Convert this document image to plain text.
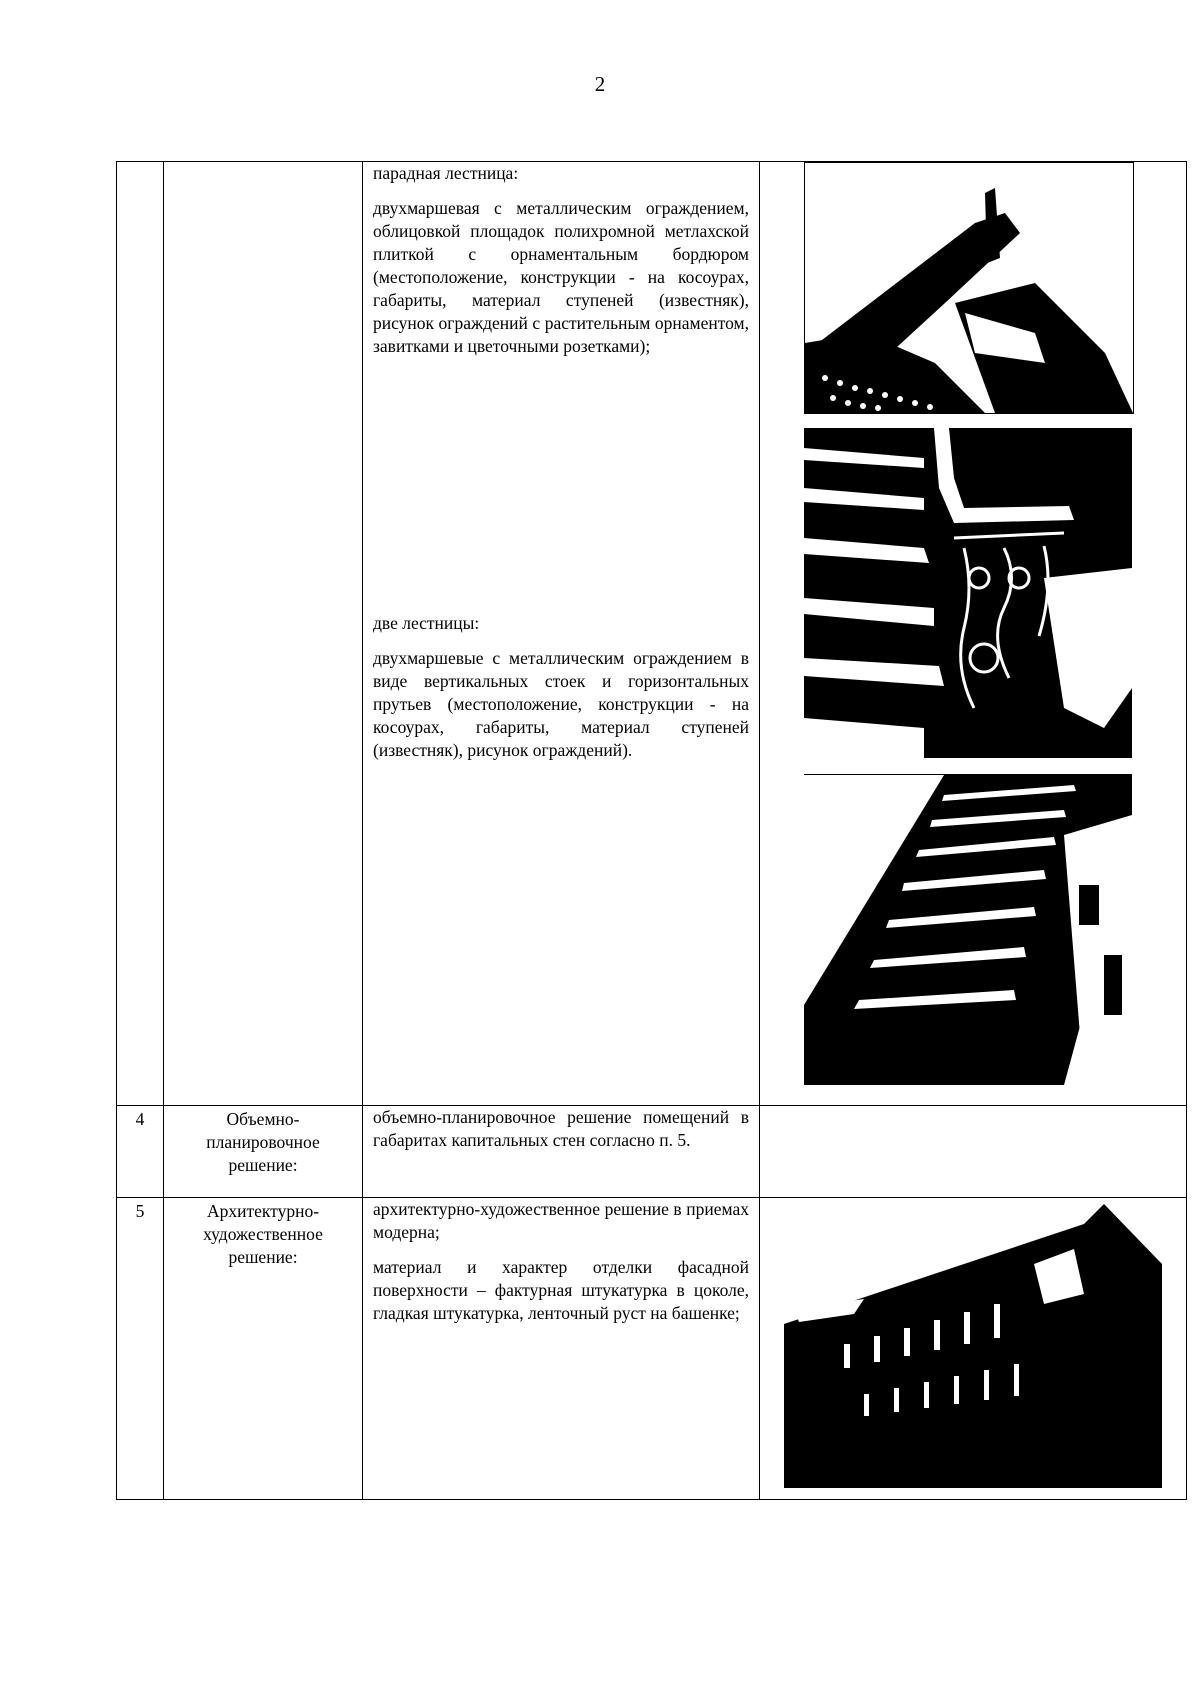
2

		парадная лестница:

двухмаршевая с металлическим ограждением, облицовкой площадок полихромной метлахской плиткой с орнаментальным бордюром (местоположение, конструкции - на косоурах, габариты, материал ступеней (известняк), рисунок ограждений с растительным орнаментом, завитками и цветочными розетками);

две лестницы:

двухмаршевые с металлическим ограждением в виде вертикальных стоек и горизонтальных прутьев (местоположение, конструкции - на косоурах, габариты, материал ступеней (известняк), рисунок ограждений).

4	Объемно-планировочное решение:	объемно-планировочное решение помещений в габаритах капитальных стен согласно п. 5.	

5	Архитектурно-художественное решение:	архитектурно-художественное решение в приемах модерна;

материал и характер отделки фасадной поверхности – фактурная штукатурка в цоколе, гладкая штукатурка, ленточный руст на башенке;
